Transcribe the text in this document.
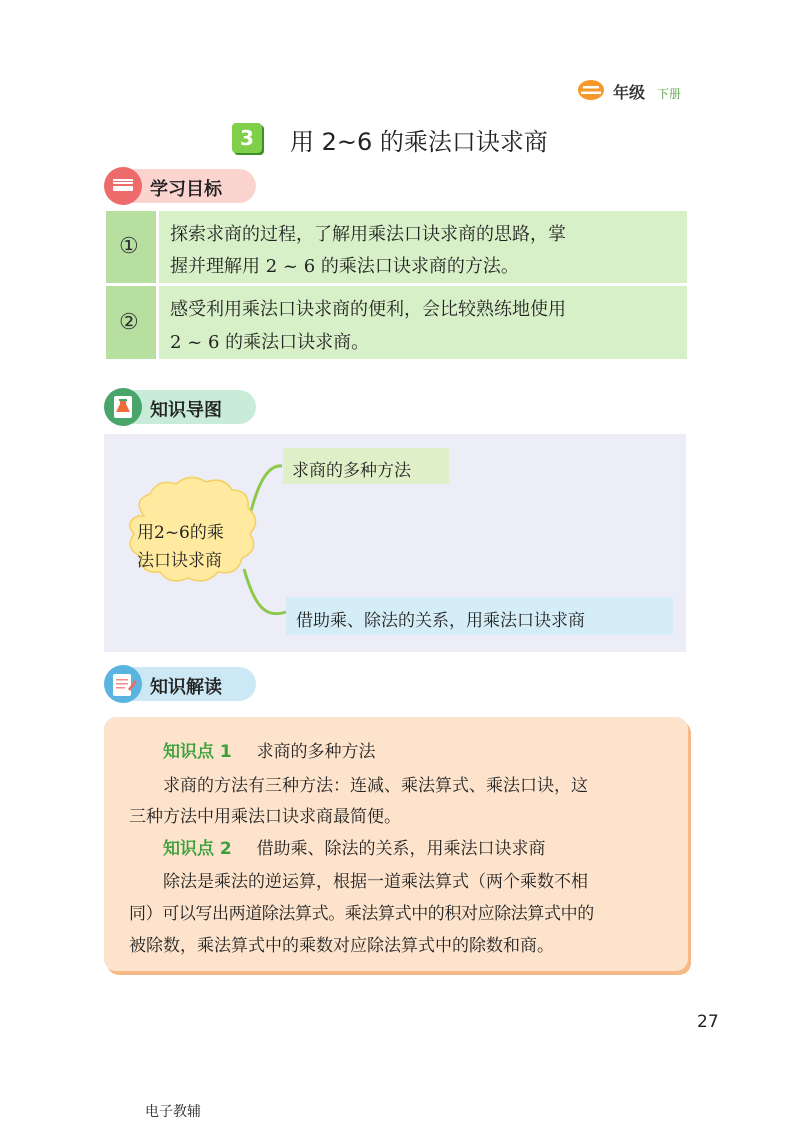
年级 下册
3	用 2~6 的乘法口诀求商
学习目标
① 探索求商的过程，了解用乘法口诀求商的思路，掌
握并理解用 2 ~ 6 的乘法口诀求商的方法。
②
感受利用乘法口诀求商的便利，会比较熟练地使用
2 ~ 6 的乘法口诀求商。
知识导图
用2~6的乘
法口诀求商
求商的多种方法
借助乘、除法的关系，用乘法口诀求商
知识解读
知识点 1 求商的多种方法
求商的方法有三种方法：连减、乘法算式、乘法口诀，这
三种方法中用乘法口诀求商最简便。
知识点 2 借助乘、除法的关系，用乘法口诀求商
除法是乘法的逆运算，根据一道乘法算式（两个乘数不相
同）可以写出两道除法算式。乘法算式中的积对应除法算式中的
被除数，乘法算式中的乘数对应除法算式中的除数和商。
27
电子教辅
